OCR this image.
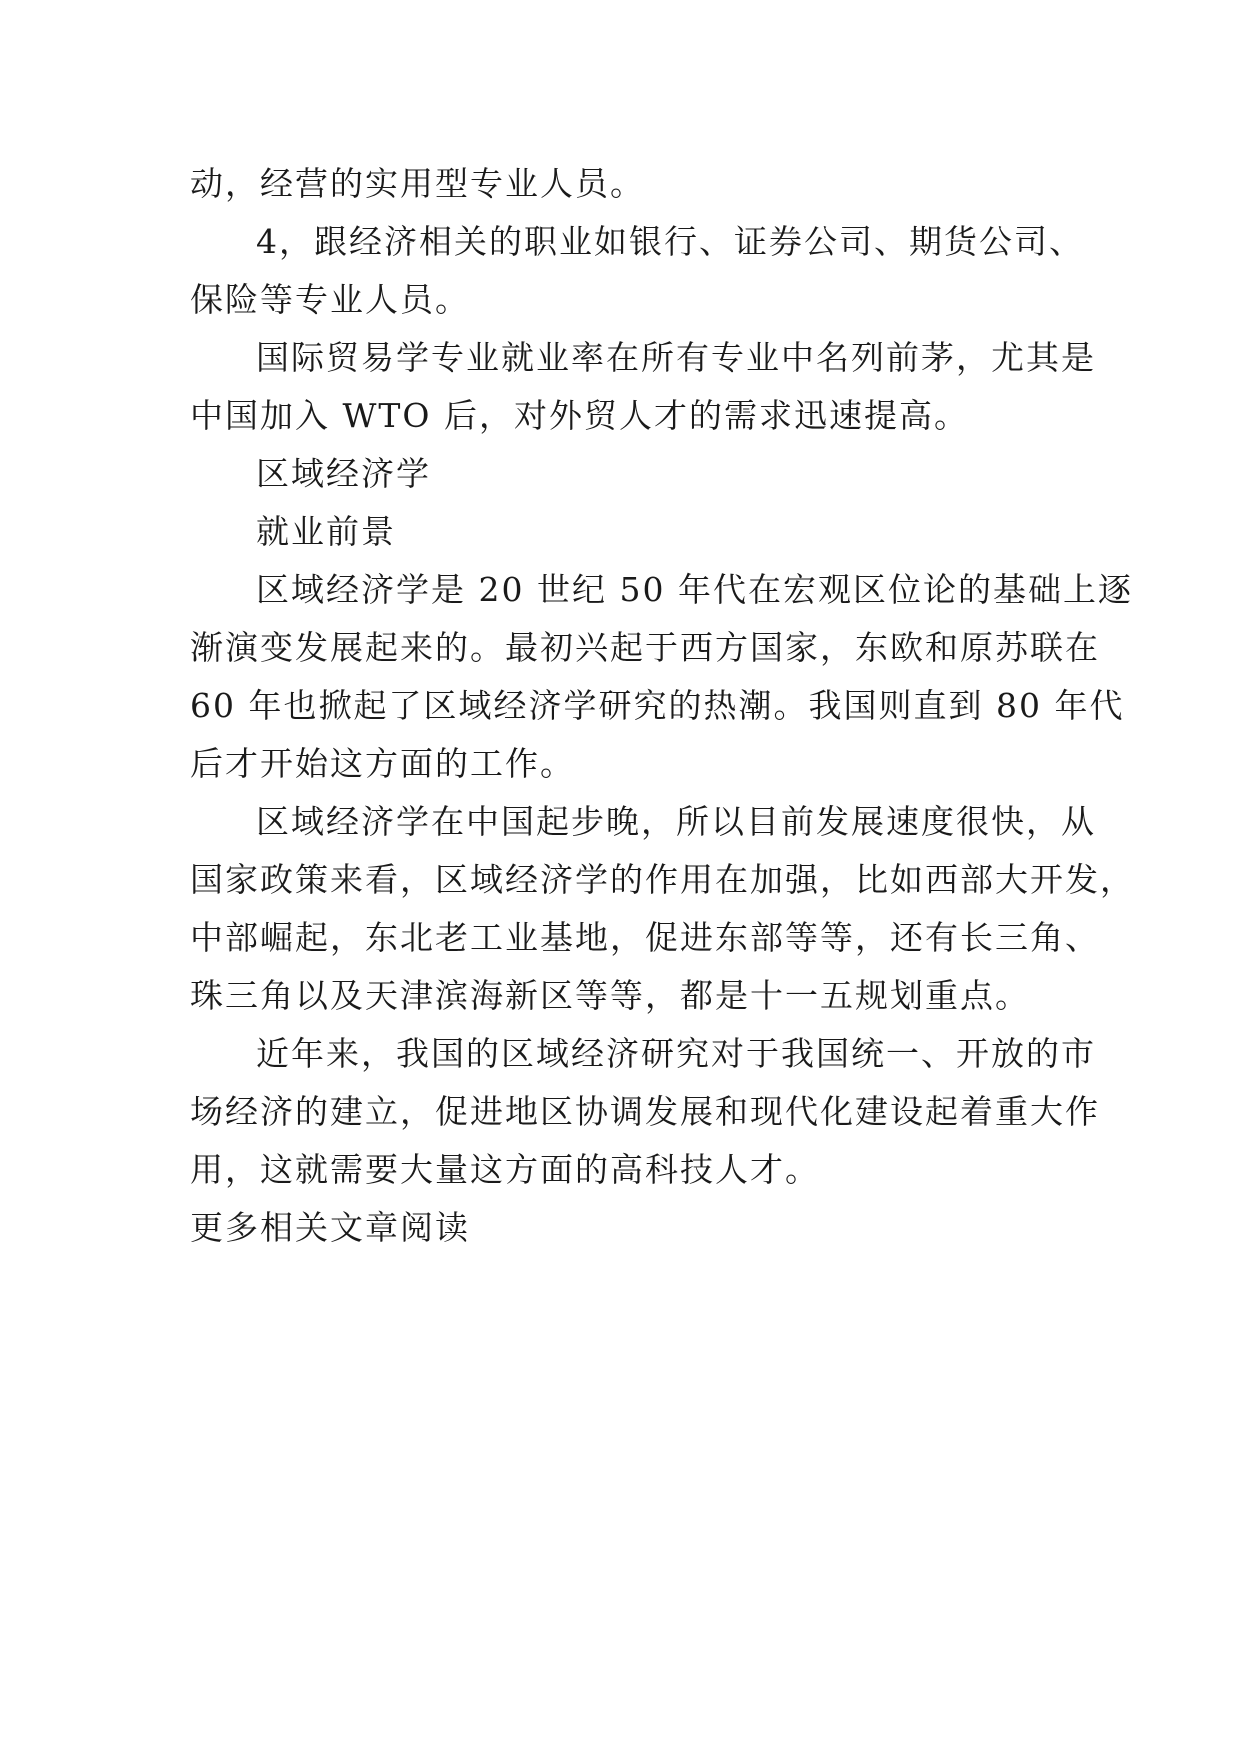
动，经营的实用型专业人员。
4，跟经济相关的职业如银行、证券公司、期货公司、
保险等专业人员。
国际贸易学专业就业率在所有专业中名列前茅，尤其是
中国加入 WTO 后，对外贸人才的需求迅速提高。
区域经济学
就业前景
区域经济学是 20 世纪 50 年代在宏观区位论的基础上逐
渐演变发展起来的。最初兴起于西方国家，东欧和原苏联在
60 年也掀起了区域经济学研究的热潮。我国则直到 80 年代
后才开始这方面的工作。
区域经济学在中国起步晚，所以目前发展速度很快，从
国家政策来看，区域经济学的作用在加强，比如西部大开发，
中部崛起，东北老工业基地，促进东部等等，还有长三角、
珠三角以及天津滨海新区等等，都是十一五规划重点。
近年来，我国的区域经济研究对于我国统一、开放的市
场经济的建立，促进地区协调发展和现代化建设起着重大作
用，这就需要大量这方面的高科技人才。
更多相关文章阅读
